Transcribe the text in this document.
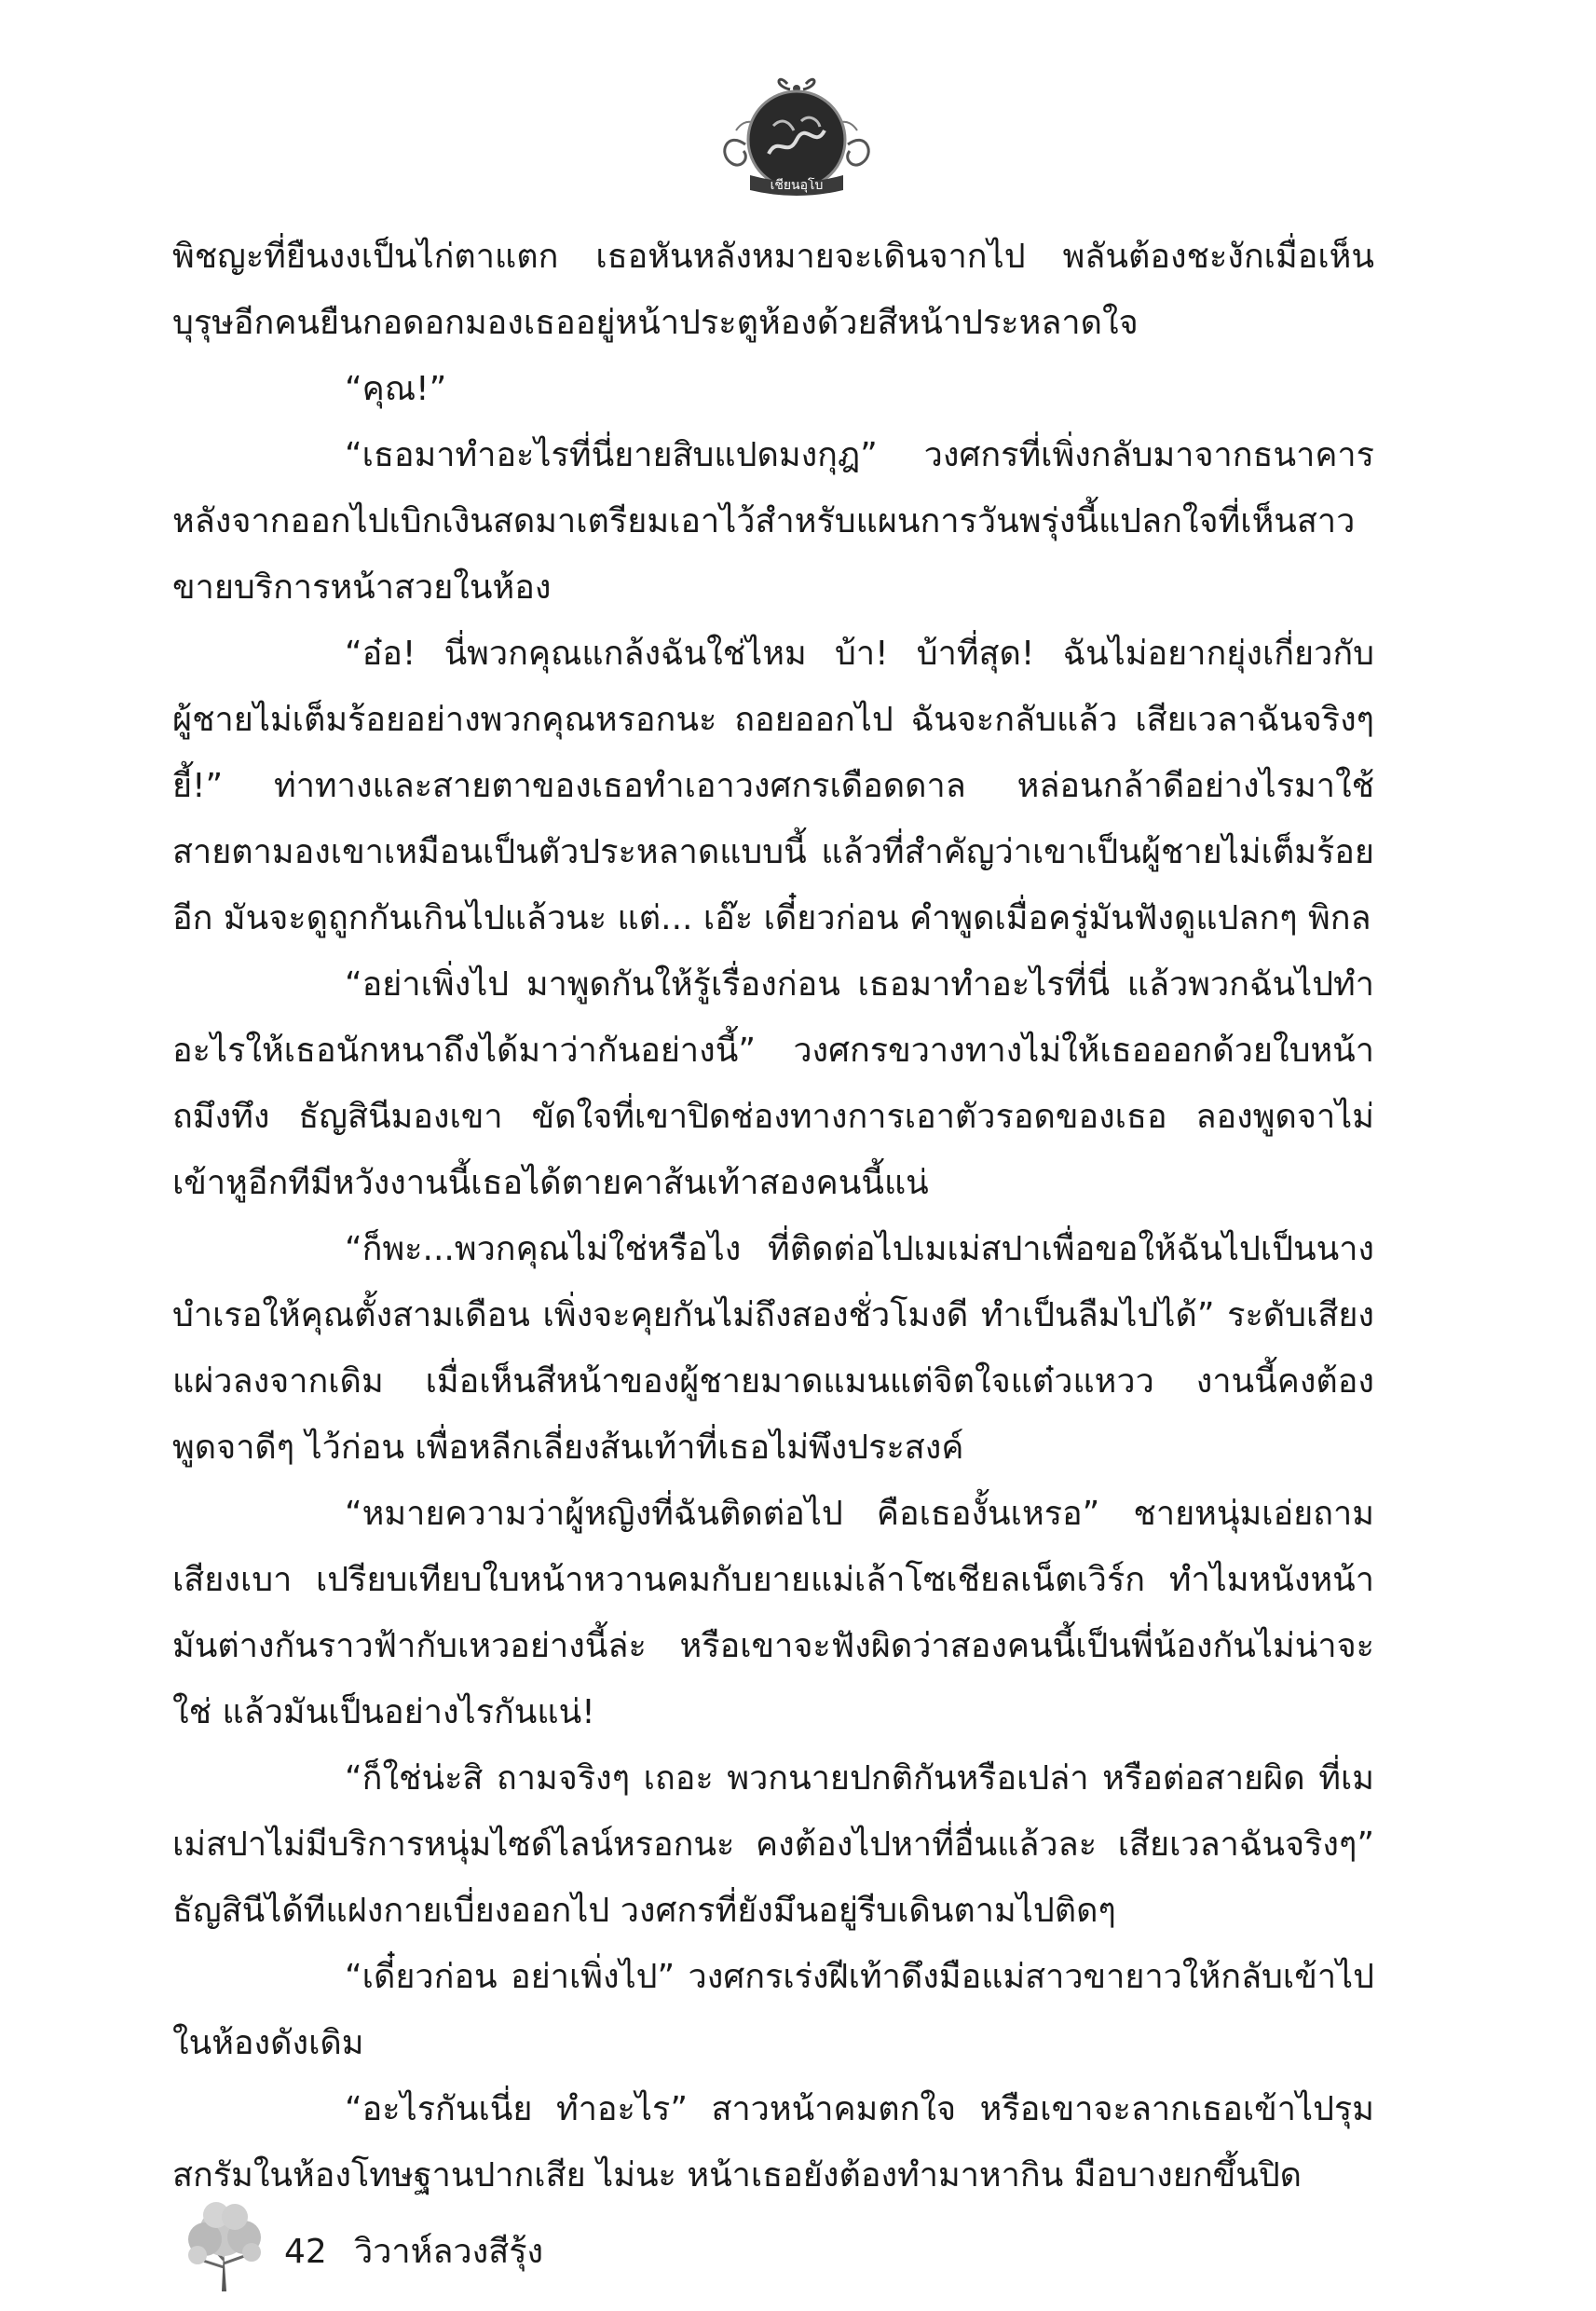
เชียนอุโบ

พิชญะที่ยืนงงเป็นไก่ตาแตก เธอหันหลังหมายจะเดินจากไป พลันต้องชะงักเมื่อเห็นบุรุษอีกคนยืนกอดอกมองเธออยู่หน้าประตูห้องด้วยสีหน้าประหลาดใจ

“คุณ!”

“เธอมาทำอะไรที่นี่ยายสิบแปดมงกุฎ” วงศกรที่เพิ่งกลับมาจากธนาคารหลังจากออกไปเบิกเงินสดมาเตรียมเอาไว้สำหรับแผนการวันพรุ่งนี้แปลกใจที่เห็นสาวขายบริการหน้าสวยในห้อง

“อ๋อ! นี่พวกคุณแกล้งฉันใช่ไหม บ้า! บ้าที่สุด! ฉันไม่อยากยุ่งเกี่ยวกับผู้ชายไม่เต็มร้อยอย่างพวกคุณหรอกนะ ถอยออกไป ฉันจะกลับแล้ว เสียเวลาฉันจริงๆ ยี้!” ท่าทางและสายตาของเธอทำเอาวงศกรเดือดดาล หล่อนกล้าดีอย่างไรมาใช้สายตามองเขาเหมือนเป็นตัวประหลาดแบบนี้ แล้วที่สำคัญว่าเขาเป็นผู้ชายไม่เต็มร้อยอีก มันจะดูถูกกันเกินไปแล้วนะ แต่... เอ๊ะ เดี๋ยวก่อน คำพูดเมื่อครู่มันฟังดูแปลกๆ พิกล

“อย่าเพิ่งไป มาพูดกันให้รู้เรื่องก่อน เธอมาทำอะไรที่นี่ แล้วพวกฉันไปทำอะไรให้เธอนักหนาถึงได้มาว่ากันอย่างนี้” วงศกรขวางทางไม่ให้เธอออกด้วยใบหน้าถมึงทึง ธัญสินีมองเขา ขัดใจที่เขาปิดช่องทางการเอาตัวรอดของเธอ ลองพูดจาไม่เข้าหูอีกทีมีหวังงานนี้เธอได้ตายคาส้นเท้าสองคนนี้แน่

“ก็พะ...พวกคุณไม่ใช่หรือไง ที่ติดต่อไปเมเม่สปาเพื่อขอให้ฉันไปเป็นนางบำเรอให้คุณตั้งสามเดือน เพิ่งจะคุยกันไม่ถึงสองชั่วโมงดี ทำเป็นลืมไปได้” ระดับเสียงแผ่วลงจากเดิม เมื่อเห็นสีหน้าของผู้ชายมาดแมนแต่จิตใจแต๋วแหวว งานนี้คงต้องพูดจาดีๆ ไว้ก่อน เพื่อหลีกเลี่ยงส้นเท้าที่เธอไม่พึงประสงค์

“หมายความว่าผู้หญิงที่ฉันติดต่อไป คือเธองั้นเหรอ” ชายหนุ่มเอ่ยถามเสียงเบา เปรียบเทียบใบหน้าหวานคมกับยายแม่เล้าโซเชียลเน็ตเวิร์ก ทำไมหนังหน้ามันต่างกันราวฟ้ากับเหวอย่างนี้ล่ะ หรือเขาจะฟังผิดว่าสองคนนี้เป็นพี่น้องกันไม่น่าจะใช่ แล้วมันเป็นอย่างไรกันแน่!

“ก็ใช่น่ะสิ ถามจริงๆ เถอะ พวกนายปกติกันหรือเปล่า หรือต่อสายผิด ที่เมเม่สปาไม่มีบริการหนุ่มไซด์ไลน์หรอกนะ คงต้องไปหาที่อื่นแล้วละ เสียเวลาฉันจริงๆ” ธัญสินีได้ทีแฝงกายเบี่ยงออกไป วงศกรที่ยังมึนอยู่รีบเดินตามไปติดๆ

“เดี๋ยวก่อน อย่าเพิ่งไป” วงศกรเร่งฝีเท้าดึงมือแม่สาวขายาวให้กลับเข้าไปในห้องดังเดิม

“อะไรกันเนี่ย ทำอะไร” สาวหน้าคมตกใจ หรือเขาจะลากเธอเข้าไปรุมสกรัมในห้องโทษฐานปากเสีย ไม่นะ หน้าเธอยังต้องทำมาหากิน มือบางยกขึ้นปิด

42 วิวาห์ลวงสีรุ้ง
